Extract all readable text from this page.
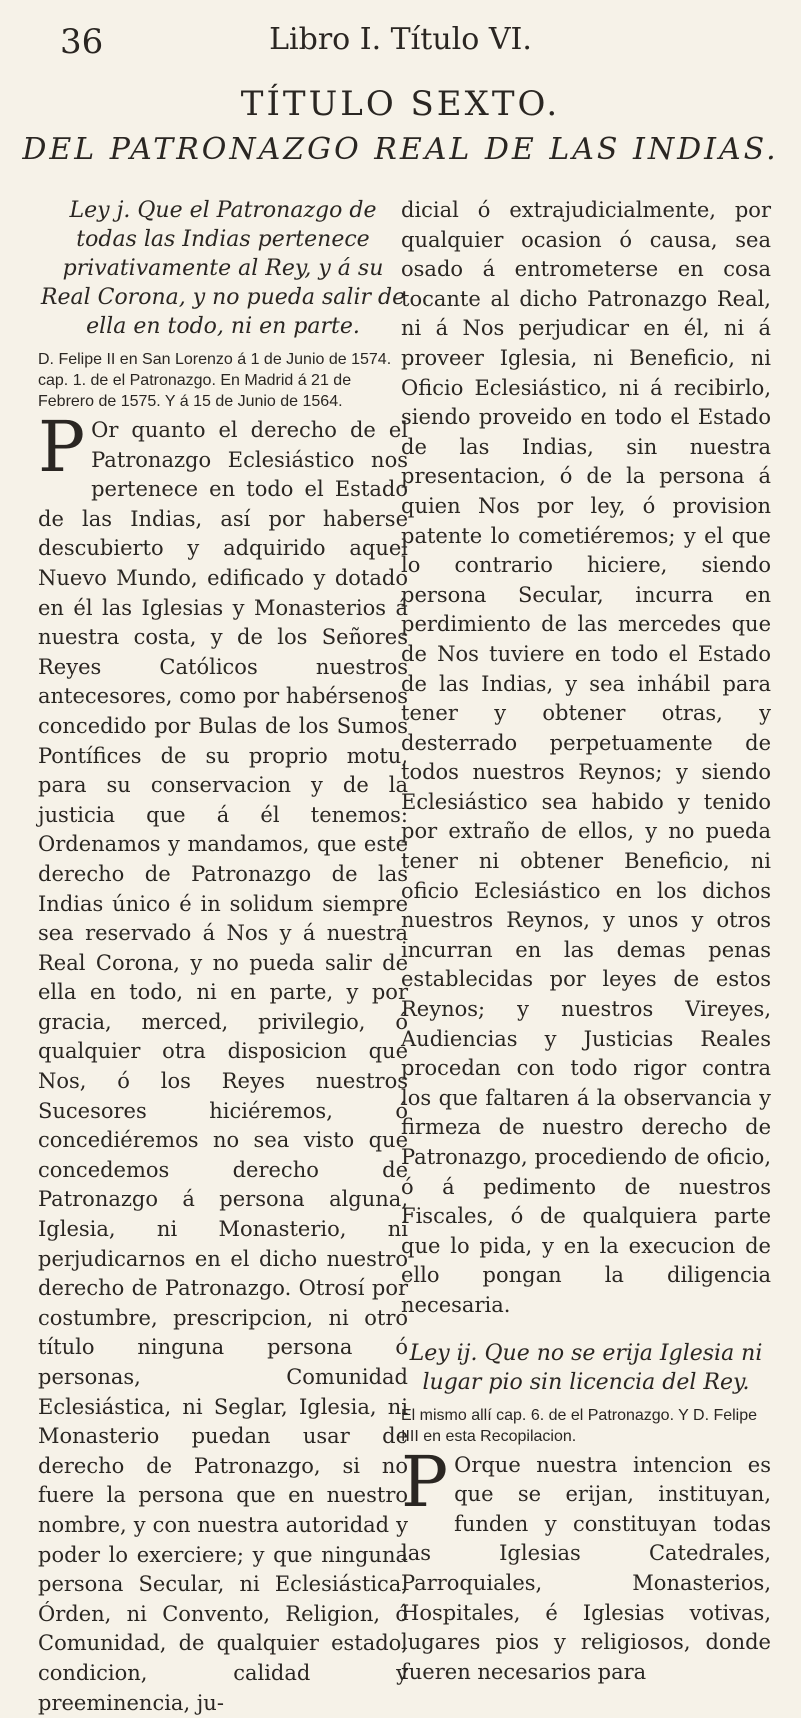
Libro I. Título VI.
36
TÍTULO SEXTO.
DEL PATRONAZGO REAL DE LAS INDIAS.

Ley j. Que el Patronazgo de todas las Indias pertenece privativamente al Rey, y á su Real Corona, y no pueda salir de ella en todo, ni en parte.

D. Felipe II en San Lorenzo á 1 de Junio de 1574. cap. 1. de el Patronazgo. En Madrid á 21 de Febrero de 1575. Y á 15 de Junio de 1564.

P Or quanto el derecho de el Patronazgo Eclesiástico nos pertenece en todo el Estado de las Indias, así por haberse descubierto y adquirido aquel Nuevo Mundo, edificado y dotado en él las Iglesias y Monasterios á nuestra costa, y de los Señores Reyes Católicos nuestros antecesores, como por habérsenos concedido por Bulas de los Sumos Pontífices de su proprio motu, para su conservacion y de la justicia que á él tenemos: Ordenamos y mandamos, que este derecho de Patronazgo de las Indias único é in solidum siempre sea reservado á Nos y á nuestra Real Corona, y no pueda salir de ella en todo, ni en parte, y por gracia, merced, privilegio, ó qualquier otra disposicion que Nos, ó los Reyes nuestros Sucesores hiciéremos, ó concediéremos no sea visto que concedemos derecho de Patronazgo á persona alguna, Iglesia, ni Monasterio, ni perjudicarnos en el dicho nuestro derecho de Patronazgo. Otrosí por costumbre, prescripcion, ni otro título ninguna persona ó personas, Comunidad Eclesiástica, ni Seglar, Iglesia, ni Monasterio puedan usar de derecho de Patronazgo, si no fuere la persona que en nuestro nombre, y con nuestra autoridad y poder lo exerciere; y que ninguna persona Secular, ni Eclesiástica, Órden, ni Convento, Religion, ó Comunidad, de qualquier estado, condicion, calidad y preeminencia, ju-

dicial ó extrajudicialmente, por qualquier ocasion ó causa, sea osado á entrometerse en cosa tocante al dicho Patronazgo Real, ni á Nos perjudicar en él, ni á proveer Iglesia, ni Beneficio, ni Oficio Eclesiástico, ni á recibirlo, siendo proveido en todo el Estado de las Indias, sin nuestra presentacion, ó de la persona á quien Nos por ley, ó provision patente lo cometiéremos; y el que lo contrario hiciere, siendo persona Secular, incurra en perdimiento de las mercedes que de Nos tuviere en todo el Estado de las Indias, y sea inhábil para tener y obtener otras, y desterrado perpetuamente de todos nuestros Reynos; y siendo Eclesiástico sea habido y tenido por extraño de ellos, y no pueda tener ni obtener Beneficio, ni oficio Eclesiástico en los dichos nuestros Reynos, y unos y otros incurran en las demas penas establecidas por leyes de estos Reynos; y nuestros Vireyes, Audiencias y Justicias Reales procedan con todo rigor contra los que faltaren á la observancia y firmeza de nuestro derecho de Patronazgo, procediendo de oficio, ó á pedimento de nuestros Fiscales, ó de qualquiera parte que lo pida, y en la execucion de ello pongan la diligencia necesaria.

Ley ij. Que no se erija Iglesia ni lugar pio sin licencia del Rey.

El mismo allí cap. 6. de el Patronazgo. Y D. Felipe IIII en esta Recopilacion.

P Orque nuestra intencion es que se erijan, instituyan, funden y constituyan todas las Iglesias Catedrales, Parroquiales, Monasterios, Hospitales, é Iglesias votivas, lugares pios y religiosos, donde fueren necesarios para
